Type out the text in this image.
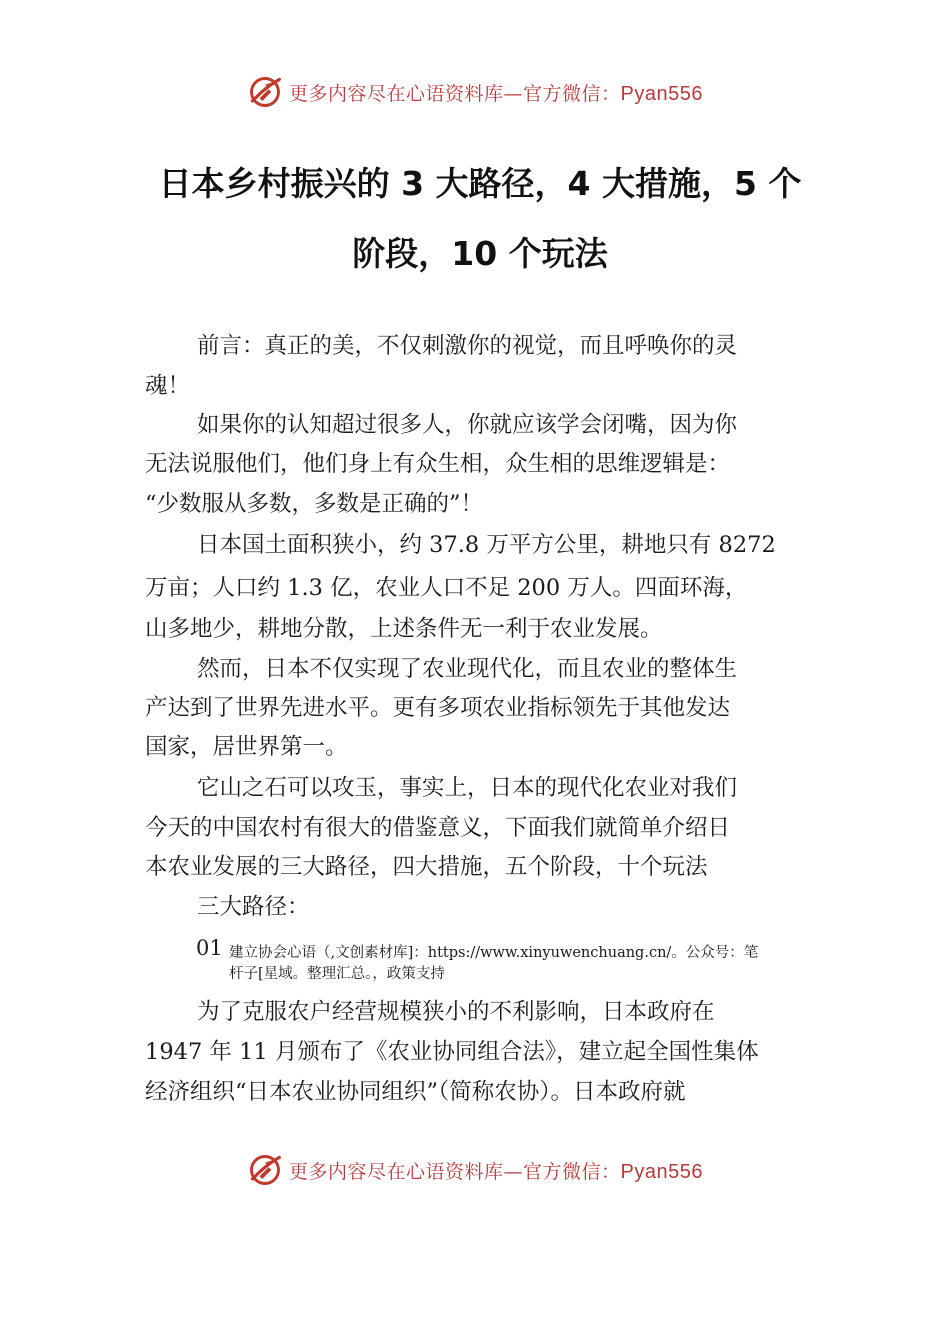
更多内容尽在心语资料库—官方微信：Pyan556
日本乡村振兴的 3 大路径，4 大措施，5 个
阶段，10 个玩法
前言：真正的美，不仅刺激你的视觉，而且呼唤你的灵
魂！
如果你的认知超过很多人，你就应该学会闭嘴，因为你
无法说服他们，他们身上有众生相，众生相的思维逻辑是：
“少数服从多数，多数是正确的”！
日本国土面积狭小，约 37.8 万平方公里，耕地只有 8272
万亩；人口约 1.3 亿，农业人口不足 200 万人。四面环海，
山多地少，耕地分散，上述条件无一利于农业发展。
然而，日本不仅实现了农业现代化，而且农业的整体生
产达到了世界先进水平。更有多项农业指标领先于其他发达
国家，居世界第一。
它山之石可以攻玉，事实上，日本的现代化农业对我们
今天的中国农村有很大的借鉴意义，下面我们就简单介绍日
本农业发展的三大路径，四大措施，五个阶段，十个玩法
三大路径：
01 建立协会心语（,文创素材库]：https://www.xinyuwenchuang.cn/。公众号：笔
杆子[星域。整理汇总。，政策支持
为了克服农户经营规模狭小的不利影响，日本政府在
1947 年 11 月颁布了《农业协同组合法》，建立起全国性集体
经济组织“日本农业协同组织”（简称农协）。日本政府就
更多内容尽在心语资料库—官方微信：Pyan556
